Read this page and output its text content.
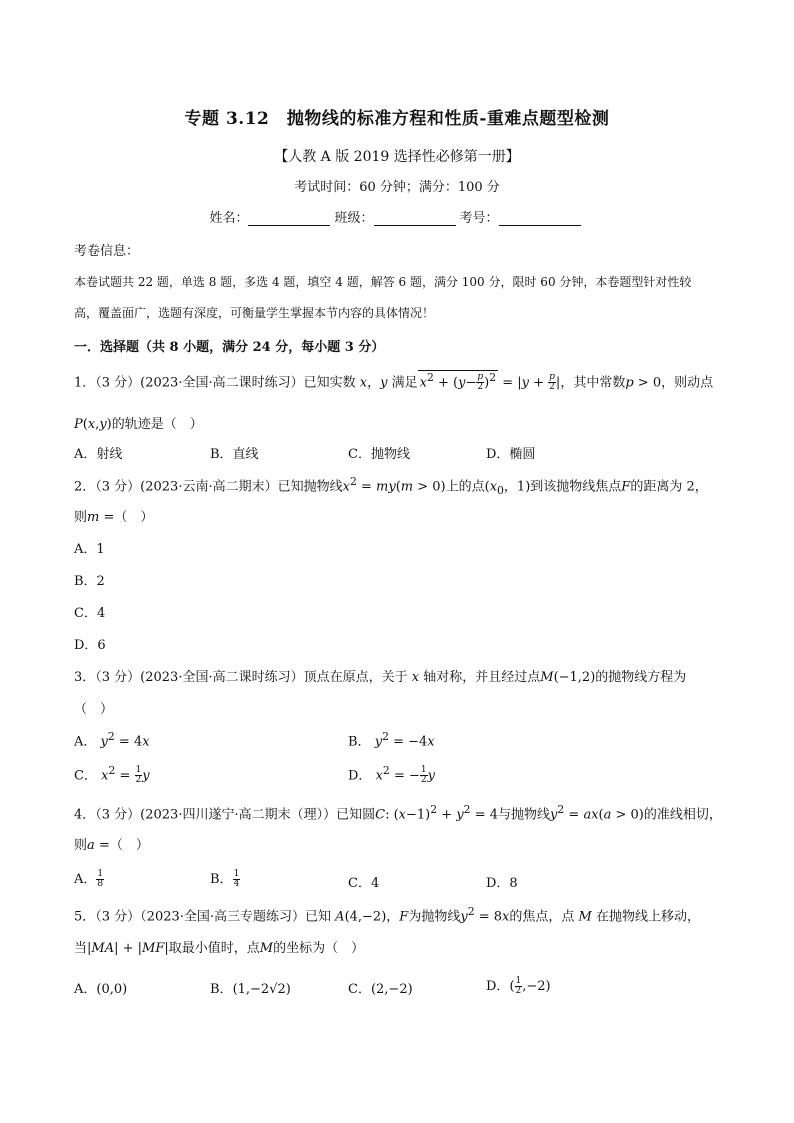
专题 3.12　抛物线的标准方程和性质-重难点题型检测
【人教 A 版 2019 选择性必修第一册】
考试时间：60 分钟；满分：100 分
姓名：	班级：	考号：
考卷信息：
本卷试题共 22 题，单选 8 题，多选 4 题，填空 4 题，解答 6 题，满分 100 分，限时 60 分钟，本卷题型针对性较
高，覆盖面广，选题有深度，可衡量学生掌握本节内容的具体情况！
一．选择题（共 8 小题，满分 24 分，每小题 3 分）
1．（3 分）(2023·全国·高二课时练习）已知实数 x，y 满足 $x^2 + (y- \frac{p}{2} )^2 = |y + \frac{p}{2}$ |，其中常数p > 0，则动点
P(x,y)的轨迹是（　）
A．射线	B．直线	C．抛物线	D．椭圆
2．（3 分）(2023·云南·高二期末）已知抛物线$x^2 = my(m > 0)$上的点($x_0$，1)到该抛物线焦点F的距离为 2，
则m =（　）
A．1
B．2
C．4
D．6
3．（3 分）(2023·全国·高二课时练习）顶点在原点，关于 x 轴对称，并且经过点M(−1,2)的抛物线方程为
（　）
A． $y^2 = 4x$	B． $y^2 = -4x$
C． $x^2 = \frac{1}{2}$ y	D． $x^2$ = − $\frac{1}{2}$ y
4．（3 分）(2023·四川遂宁·高二期末（理））已知圆C: $(x-1)^2 + y^2 = 4$与抛物线$y^2 = ax(a > 0)$的准线相切，
则a =（　）
A． $\frac{1}{8}$	B． $\frac{1}{4}$	C．4	D．8
5．（3 分）（2023·全国·高三专题练习）已知 A(4,−2)，F为抛物线$y^2 = 8x$的焦点，点 M 在抛物线上移动，
当|MA| + |MF|取最小值时，点M的坐标为（　）
A．(0,0)	B．(1,−2√2)	C．(2,−2)	D．( $\frac{1}{2} ,-2$)
